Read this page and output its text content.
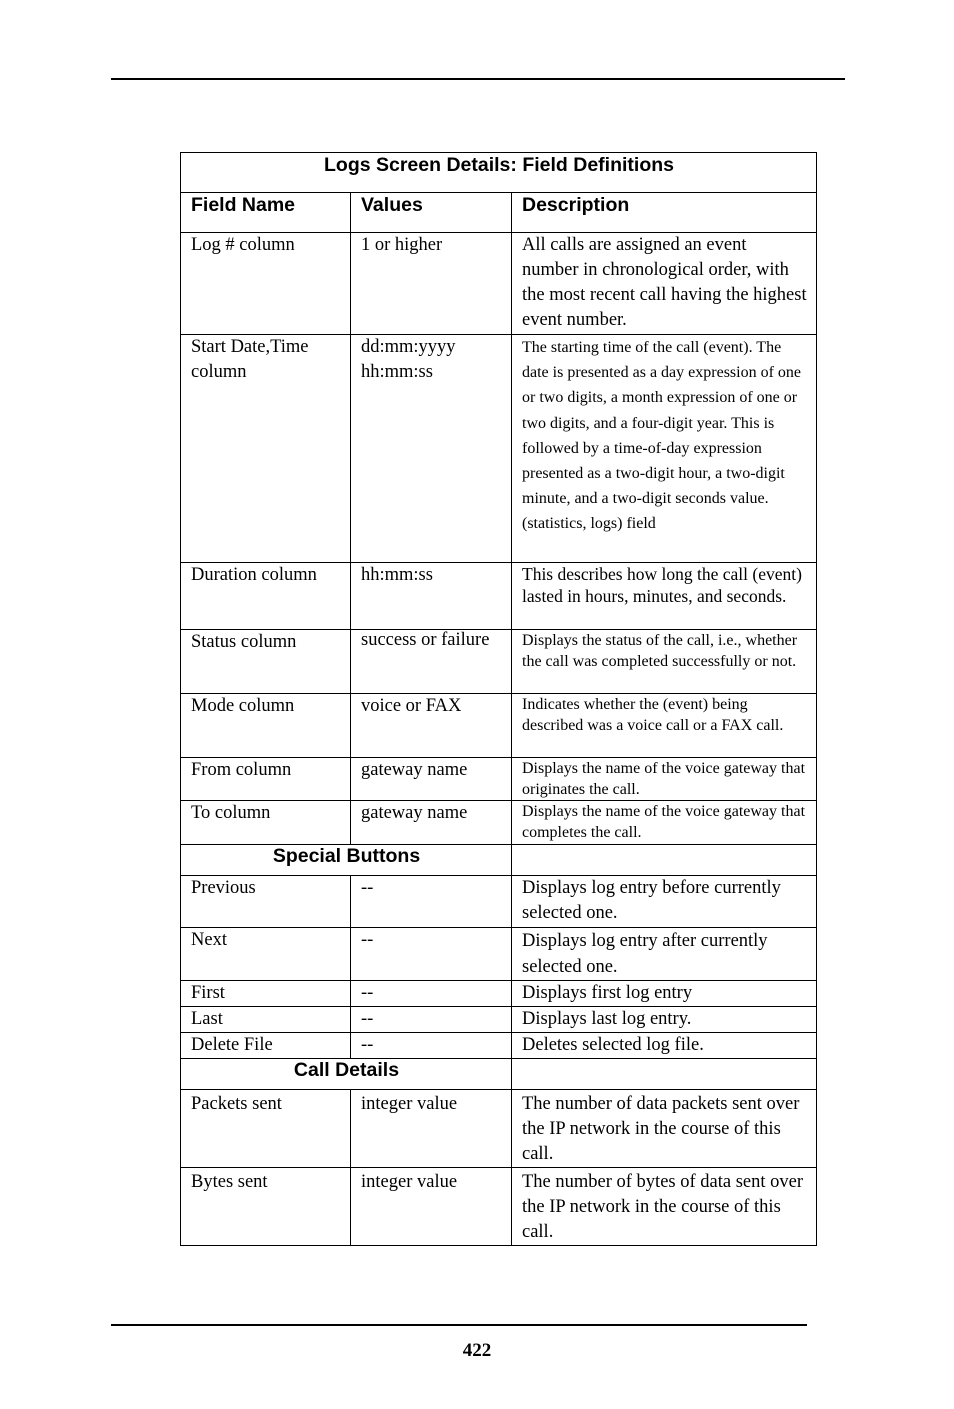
Logs Screen Details: Field Definitions		
Field Name	Values	Description
Log # column	1 or higher	All calls are assigned an event number in chronological order, with the most recent call having the highest event number.
Start Date,Time column	dd:mm:yyyy hh:mm:ss	The starting time of the call (event). The date is presented as a day expression of one or two digits, a month expression of one or two digits, and a four-digit year. This is followed by a time-of-day expression presented as a two-digit hour, a two-digit minute, and a two-digit seconds value. (statistics, logs) field
Duration column	hh:mm:ss	This describes how long the call (event) lasted in hours, minutes, and seconds.
Status column	success or failure	Displays the status of the call, i.e., whether the call was completed successfully or not.
Mode column	voice or FAX	Indicates whether the (event) being described was a voice call or a FAX call.
From column	gateway name	Displays the name of the voice gateway that originates the call.
To column	gateway name	Displays the name of the voice gateway that completes the call.
Special Buttons		
Previous	--	Displays log entry before currently selected one.
Next	--	Displays log entry after currently selected one.
First	--	Displays first log entry
Last	--	Displays last log entry.
Delete File	--	Deletes selected log file.
Call Details		
Packets sent	integer value	The number of data packets sent over the IP network in the course of this call.
Bytes sent	integer value	The number of bytes of data sent over the IP network in the course of this call.
422
